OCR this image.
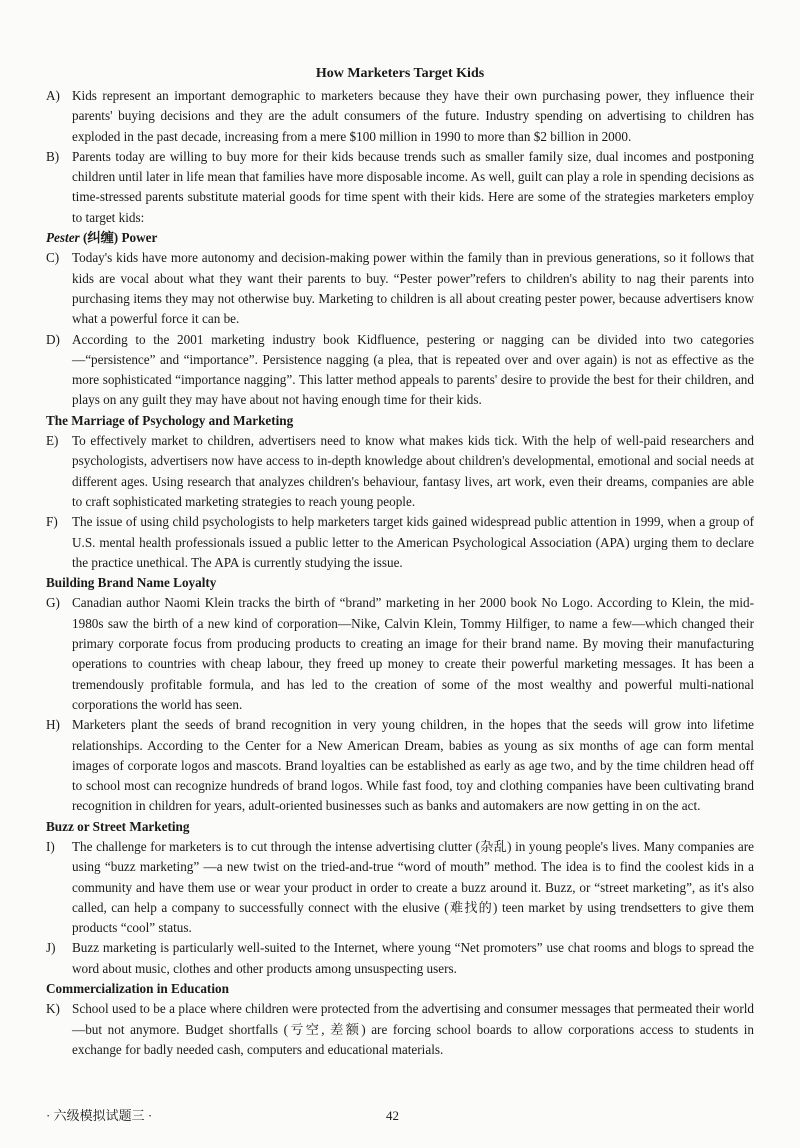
How Marketers Target Kids
A) Kids represent an important demographic to marketers because they have their own purchasing power, they influence their parents' buying decisions and they are the adult consumers of the future. Industry spending on advertising to children has exploded in the past decade, increasing from a mere $100 million in 1990 to more than $2 billion in 2000.
B) Parents today are willing to buy more for their kids because trends such as smaller family size, dual incomes and postponing children until later in life mean that families have more disposable income. As well, guilt can play a role in spending decisions as time-stressed parents substitute material goods for time spent with their kids. Here are some of the strategies marketers employ to target kids:
Pester (纠缠) Power
C) Today's kids have more autonomy and decision-making power within the family than in previous generations, so it follows that kids are vocal about what they want their parents to buy. “Pester power”refers to children's ability to nag their parents into purchasing items they may not otherwise buy. Marketing to children is all about creating pester power, because advertisers know what a powerful force it can be.
D) According to the 2001 marketing industry book Kidfluence, pestering or nagging can be divided into two categories—“persistence” and “importance”. Persistence nagging (a plea, that is repeated over and over again) is not as effective as the more sophisticated “importance nagging”. This latter method appeals to parents' desire to provide the best for their children, and plays on any guilt they may have about not having enough time for their kids.
The Marriage of Psychology and Marketing
E)	To effectively market to children, advertisers need to know what makes kids tick. With the help of well-paid researchers and psychologists, advertisers now have access to in-depth knowledge about children's developmental, emotional and social needs at different ages. Using research that analyzes children's behaviour, fantasy lives, art work, even their dreams, companies are able to craft sophisticated marketing strategies to reach young people.
F)	The issue of using child psychologists to help marketers target kids gained widespread public attention in 1999, when a group of U.S. mental health professionals issued a public letter to the American Psychological Association (APA) urging them to declare the practice unethical. The APA is currently studying the issue.
Building Brand Name Loyalty
G) Canadian author Naomi Klein tracks the birth of “brand” marketing in her 2000 book No Logo. According to Klein, the mid-1980s saw the birth of a new kind of corporation—Nike, Calvin Klein, Tommy Hilfiger, to name a few—which changed their primary corporate focus from producing products to creating an image for their brand name. By moving their manufacturing operations to countries with cheap labour, they freed up money to create their powerful marketing messages. It has been a tremendously profitable formula, and has led to the creation of some of the most wealthy and powerful multi-national corporations the world has seen.
H) Marketers plant the seeds of brand recognition in very young children, in the hopes that the seeds will grow into lifetime relationships. According to the Center for a New American Dream, babies as young as six months of age can form mental images of corporate logos and mascots. Brand loyalties can be established as early as age two, and by the time children head off to school most can recognize hundreds of brand logos. While fast food, toy and clothing companies have been cultivating brand recognition in children for years, adult-oriented businesses such as banks and automakers are now getting in on the act.
Buzz or Street Marketing
I)	The challenge for marketers is to cut through the intense advertising clutter (杂乱) in young people's lives. Many companies are using “buzz marketing” —a new twist on the tried-and-true “word of mouth” method. The idea is to find the coolest kids in a community and have them use or wear your product in order to create a buzz around it. Buzz, or “street marketing”, as it's also called, can help a company to successfully connect with the elusive (难找的) teen market by using trendsetters to give them products “cool” status.
J)	Buzz marketing is particularly well-suited to the Internet, where young “Net promoters” use chat rooms and blogs to spread the word about music, clothes and other products among unsuspecting users.
Commercialization in Education
K) School used to be a place where children were protected from the advertising and consumer messages that permeated their world—but not anymore. Budget shortfalls (亏空, 差额) are forcing school boards to allow corporations access to students in exchange for badly needed cash, computers and educational materials.
· 六级模拟试题三 ·	42
